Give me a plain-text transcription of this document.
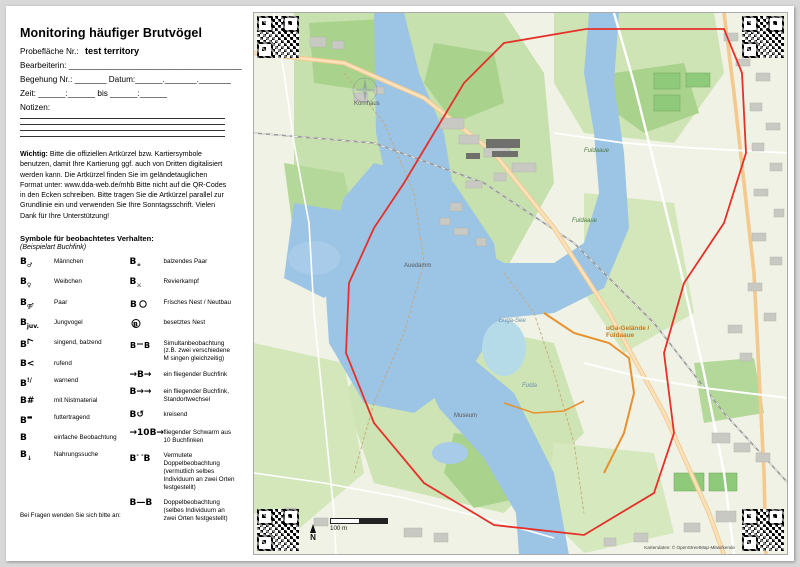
Monitoring häufiger Brutvögel
Probefläche Nr.: test territory
Bearbeiterin: ______________________________________
Begehung Nr.: _______ Datum:______._______._______
Zeit: ______:______ bis ______:______
Notizen:
Wichtig: Bitte die offiziellen Artkürzel bzw. Kartiersymbole benutzen, damit Ihre Kartierung ggf. auch von Dritten digitalisiert werden kann. Die Artkürzel finden Sie im geländetauglichen Format unter: www.dda-web.de/mhb Bitte nicht auf die QR-Codes in den Ecken schreiben. Bitte tragen Sie die Artkürzel parallel zur Grundlinie ein und verwenden Sie Ihre Sonntagsschrift. Vielen Dank für Ihre Unterstützung!
Symbole für beobachtetes Verhalten:
(Beispielart Buchfink)
$B_♂$
Männchen
$B_♀$
Weibchen
$B_⚤$
Paar
$B_{juv.}$
Jungvogel
B	singend, balzend
B<	rufend
B!/	warnend
B#	mit Nistmaterial
B▬	futtertragend
B	einfache Beobachtung
$B_↓$
Nahrungssuche
$B_⚭$
balzendes Paar
$B_⚔$
Revierkampf
B	Frisches Nest / Neutbau
B	besetztes Nest
B B Simultanbeobachtung (z.B. zwei verschiedene M singen gleichzeitig)
→B→	ein fliegender Buchfink
B→→	ein fliegender Buchfink, Standortwechsel
B↺	kreisend
→10B→ fliegender Schwarm aus 10 Buchfinken
B- -B	Vermutete Doppelbeobachtung (vermutlich selbes Individuum an zwei Orten festgestellt)
B—B	Doppelbeobachtung (selbes Individuum an zwei Orten festgestellt)
Bei Fragen wenden Sie sich bitte an:
Kornhaus
Fuldaaue
Fuldaaue
uGa-Gelände / Fuldaaue
Fulda
Museum
Auedamm
Buga-See
100 m
N
Kartendaten: © OpenStreetMap-Mitwirkende
